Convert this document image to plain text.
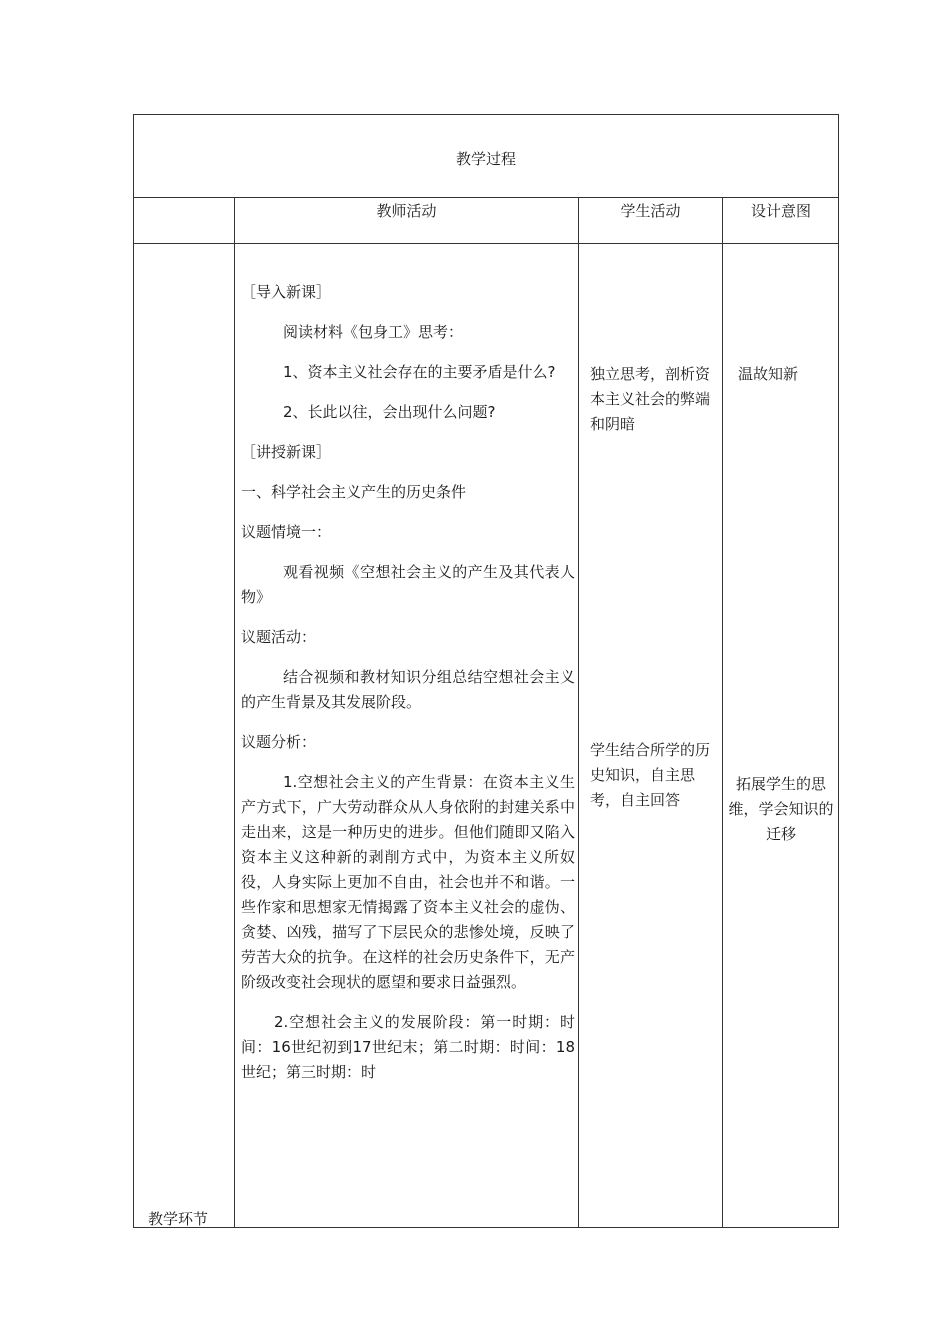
教学过程
教师活动	学生活动	设计意图
教学环节

［导入新课］

阅读材料《包身工》思考：

1、资本主义社会存在的主要矛盾是什么?

2、长此以往，会出现什么问题?

［讲授新课］

一、科学社会主义产生的历史条件

议题情境一：

观看视频《空想社会主义的产生及其代表人物》

议题活动：

结合视频和教材知识分组总结空想社会主义的产生背景及其发展阶段。

议题分析：

1.空想社会主义的产生背景：在资本主义生产方式下，广大劳动群众从人身依附的封建关系中走出来，这是一种历史的进步。但他们随即又陷入资本主义这种新的剥削方式中，为资本主义所奴役，人身实际上更加不自由，社会也并不和谐。一些作家和思想家无情揭露了资本主义社会的虚伪、贪婪、凶残，描写了下层民众的悲惨处境，反映了劳苦大众的抗争。在这样的社会历史条件下，无产阶级改变社会现状的愿望和要求日益强烈。

2.空想社会主义的发展阶段：第一时期：时间：16世纪初到17世纪末；第二时期：时间：18世纪；第三时期：时

独立思考，剖析资本主义社会的弊端和阴暗
学生结合所学的历史知识，自主思考，自主回答
温故知新
拓展学生的思维，学会知识的迁移
